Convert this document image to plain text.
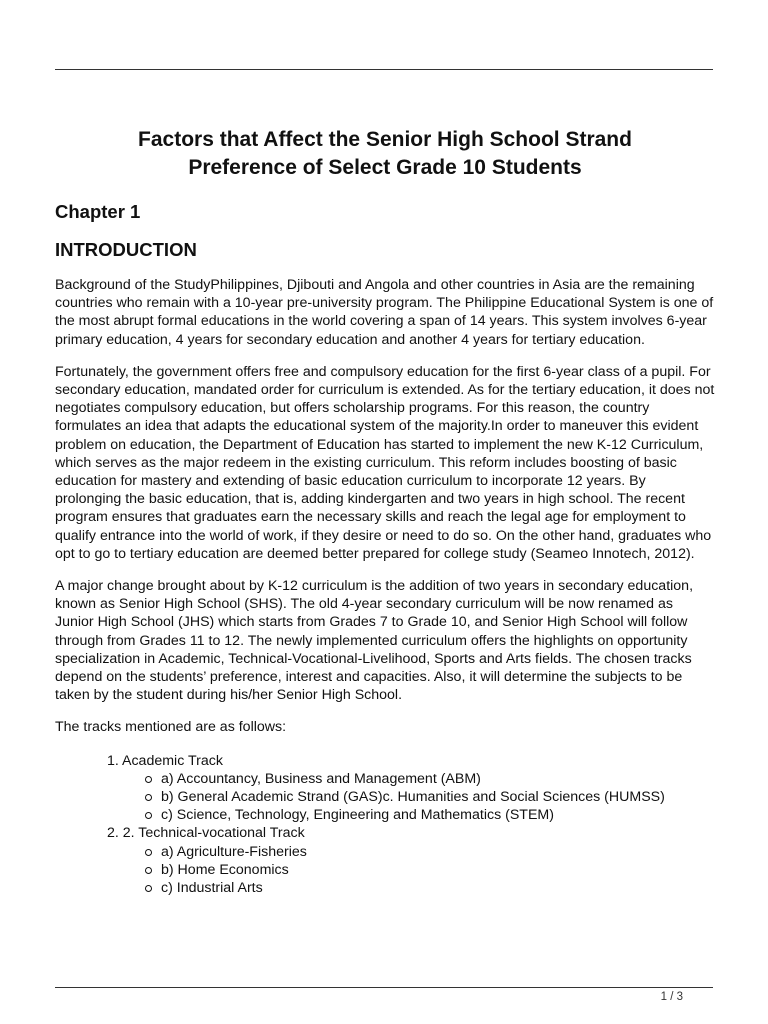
Factors that Affect the Senior High School Strand
Preference of Select Grade 10 Students
Chapter 1
INTRODUCTION

Background of the StudyPhilippines, Djibouti and Angola and other countries in Asia are the remaining countries who remain with a 10-year pre-university program. The Philippine Educational System is one of the most abrupt formal educations in the world covering a span of 14 years. This system involves 6-year primary education, 4 years for secondary education and another 4 years for tertiary education.

Fortunately, the government offers free and compulsory education for the first 6-year class of a pupil. For secondary education, mandated order for curriculum is extended. As for the tertiary education, it does not negotiates compulsory education, but offers scholarship programs. For this reason, the country formulates an idea that adapts the educational system of the majority.In order to maneuver this evident problem on education, the Department of Education has started to implement the new K-12 Curriculum, which serves as the major redeem in the existing curriculum. This reform includes boosting of basic education for mastery and extending of basic education curriculum to incorporate 12 years. By prolonging the basic education, that is, adding kindergarten and two years in high school. The recent program ensures that graduates earn the necessary skills and reach the legal age for employment to qualify entrance into the world of work, if they desire or need to do so. On the other hand, graduates who opt to go to tertiary education are deemed better prepared for college study (Seameo Innotech, 2012).

A major change brought about by K-12 curriculum is the addition of two years in secondary education, known as Senior High School (SHS). The old 4-year secondary curriculum will be now renamed as Junior High School (JHS) which starts from Grades 7 to Grade 10, and Senior High School will follow through from Grades 11 to 12. The newly implemented curriculum offers the highlights on opportunity specialization in Academic, Technical-Vocational-Livelihood, Sports and Arts fields. The chosen tracks depend on the students’ preference, interest and capacities. Also, it will determine the subjects to be taken by the student during his/her Senior High School.

The tracks mentioned are as follows:

1. Academic Track
a) Accountancy, Business and Management (ABM)
b) General Academic Strand (GAS)c. Humanities and Social Sciences (HUMSS)
c) Science, Technology, Engineering and Mathematics (STEM)
2. 2. Technical-vocational Track
a) Agriculture-Fisheries
b) Home Economics
c) Industrial Arts
1 / 3
